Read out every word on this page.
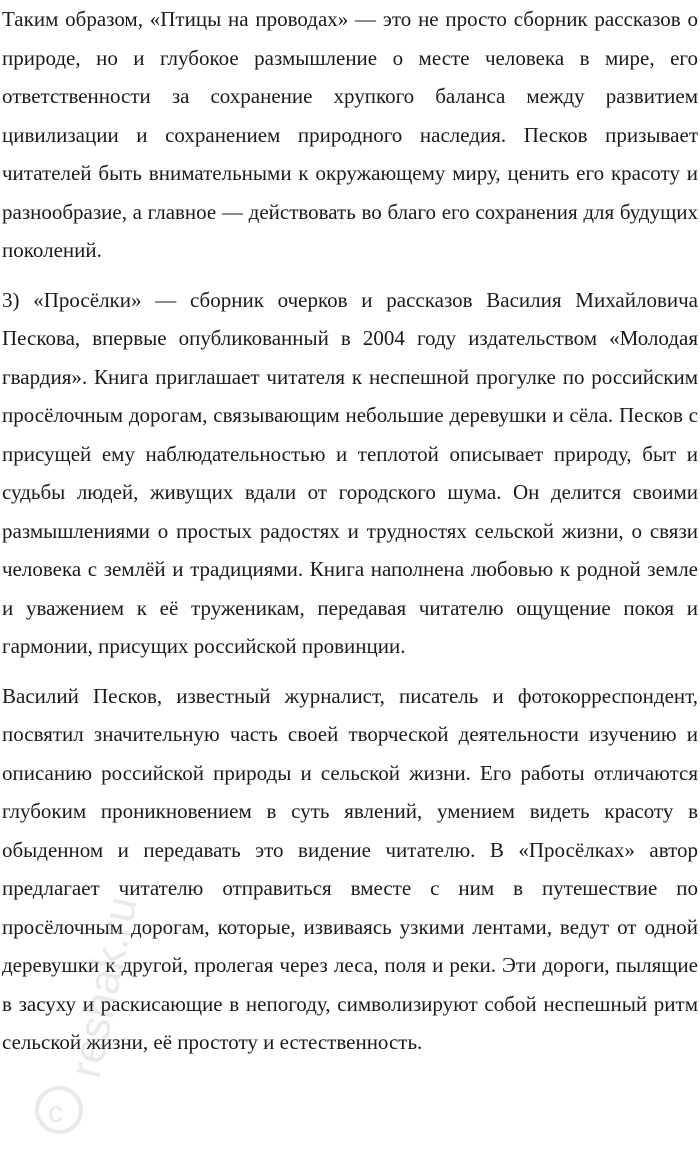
Таким образом, «Птицы на проводах» — это не просто сборник рассказов о природе, но и глубокое размышление о месте человека в мире, его ответственности за сохранение хрупкого баланса между развитием цивилизации и сохранением природного наследия. Песков призывает читателей быть внимательными к окружающему миру, ценить его красоту и разнообразие, а главное — действовать во благо его сохранения для будущих поколений.

3) «Просёлки» — сборник очерков и рассказов Василия Михайловича Пескова, впервые опубликованный в 2004 году издательством «Молодая гвардия». Книга приглашает читателя к неспешной прогулке по российским просёлочным дорогам, связывающим небольшие деревушки и сёла. Песков с присущей ему наблюдательностью и теплотой описывает природу, быт и судьбы людей, живущих вдали от городского шума. Он делится своими размышлениями о простых радостях и трудностях сельской жизни, о связи человека с землёй и традициями. Книга наполнена любовью к родной земле и уважением к её труженикам, передавая читателю ощущение покоя и гармонии, присущих российской провинции.

Василий Песков, известный журналист, писатель и фотокорреспондент, посвятил значительную часть своей творческой деятельности изучению и описанию российской природы и сельской жизни. Его работы отличаются глубоким проникновением в суть явлений, умением видеть красоту в обыденном и передавать это видение читателю. В «Просёлках» автор предлагает читателю отправиться вместе с ним в путешествие по просёлочным дорогам, которые, извиваясь узкими лентами, ведут от одной деревушки к другой, пролегая через леса, поля и реки. Эти дороги, пылящие в засуху и раскисающие в непогоду, символизируют собой неспешный ритм сельской жизни, её простоту и естественность.

c
reshak.ru
